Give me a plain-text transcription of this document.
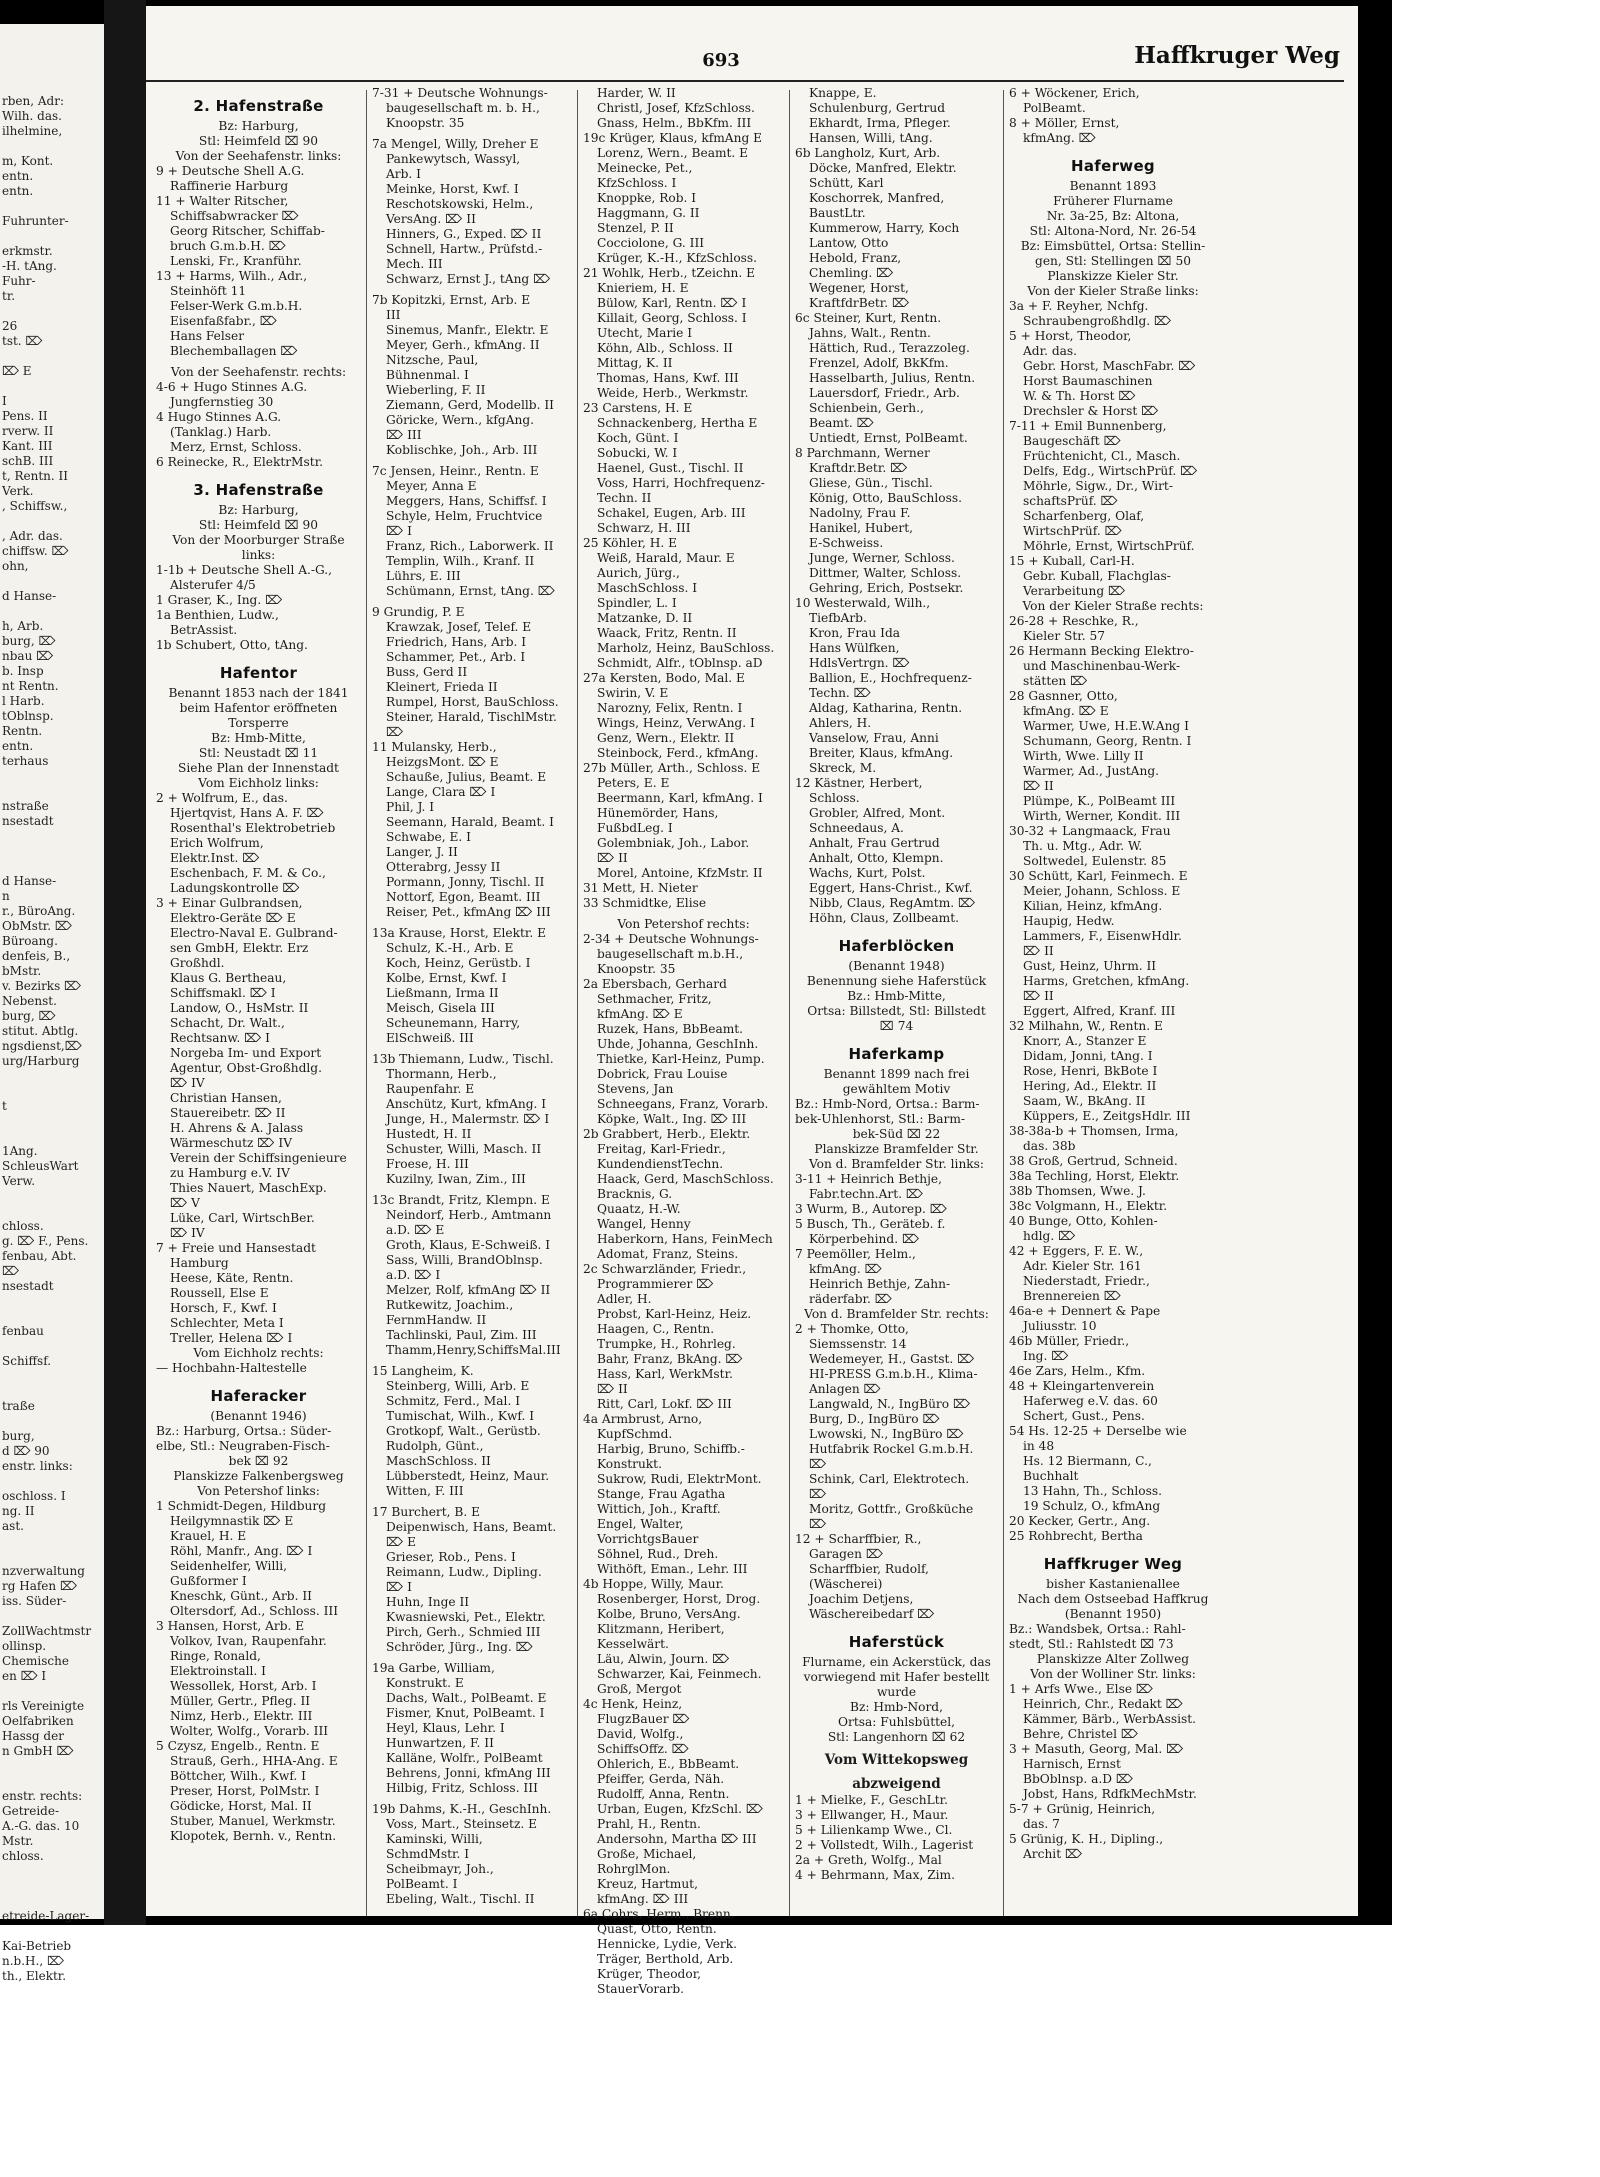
rben, Adr:
Wilh. das.
ilhelmine,

m, Kont.
entn.
entn.

Fuhrunter-

erkmstr.
-H. tAng.
Fuhr-
tr.

26
tst. ⌦

⌦ E

I
Pens. II
rverw. II
Kant. III
schB. III
t, Rentn. II
Verk.
, Schiffsw.,

, Adr. das.
chiffsw. ⌦
ohn,

d Hanse-

h, Arb.
burg, ⌦
nbau ⌦
b. Insp
nt Rentn.
l Harb.
tOblnsp.
Rentn.
entn.
terhaus

nstraße
nsestadt

d Hanse-
n
r., BüroAng.
ObMstr. ⌦
Büroang.
denfeis, B.,
bMstr.
v. Bezirks ⌦
Nebenst.
burg, ⌦
stitut. Abtlg.
ngsdienst,⌦
urg/Harburg

t

1Ang.
SchleusWart
Verw.

chloss.
g. ⌦ F., Pens.
fenbau, Abt.
⌦
nsestadt

fenbau

Schiffsf.

traße

burg,
d ⌦ 90
enstr. links:

oschloss. I
ng. II
ast.

nzverwaltung
rg Hafen ⌦
iss. Süder-

ZollWachtmstr
ollinsp.
Chemische
en ⌦ I

rls Vereinigte
Oelfabriken
Hassg der
n GmbH ⌦

enstr. rechts:
Getreide-
A.-G. das. 10
Mstr.
chloss.

etreide-Lager-

Kai-Betrieb
n.b.H., ⌦
th., Elektr.
693	Haffkruger Weg
2. Hafenstraße
Bz: Harburg,
Stl: Heimfeld ⌧ 90
Von der Seehafenstr. links:
9 + Deutsche Shell A.G.
Raffinerie Harburg
11 + Walter Ritscher,
Schiffsabwracker ⌦
Georg Ritscher, Schiffab-
bruch G.m.b.H. ⌦
Lenski, Fr., Kranführ.
13 + Harms, Wilh., Adr.,
Steinhöft 11
Felser-Werk G.m.b.H.
Eisenfaßfabr., ⌦
Hans Felser
Blechemballagen ⌦

Von der Seehafenstr. rechts:
4-6 + Hugo Stinnes A.G.
Jungfernstieg 30
4 Hugo Stinnes A.G.
(Tanklag.) Harb.
Merz, Ernst, Schloss.
6 Reinecke, R., ElektrMstr.
3. Hafenstraße
Bz: Harburg,
Stl: Heimfeld ⌧ 90
Von der Moorburger Straße
links:
1-1b + Deutsche Shell A.-G.,
Alsterufer 4/5
1 Graser, K., Ing. ⌦
1a Benthien, Ludw.,
BetrAssist.
1b Schubert, Otto, tAng.
Hafentor
Benannt 1853 nach der 1841
beim Hafentor eröffneten
Torsperre
Bz: Hmb-Mitte,
Stl: Neustadt ⌧ 11
Siehe Plan der Innenstadt
Vom Eichholz links:
2 + Wolfrum, E., das.
Hjertqvist, Hans A. F. ⌦
Rosenthal's Elektrobetrieb
Erich Wolfrum,
Elektr.Inst. ⌦
Eschenbach, F. M. & Co.,
Ladungskontrolle ⌦
3 + Einar Gulbrandsen,
Elektro-Geräte ⌦ E
Electro-Naval E. Gulbrand-
sen GmbH, Elektr. Erz
Großhdl.
Klaus G. Bertheau,
Schiffsmakl. ⌦ I
Landow, O., HsMstr. II
Schacht, Dr. Walt.,
Rechtsanw. ⌦ I
Norgeba Im- und Export
Agentur, Obst-Großhdlg.
⌦ IV
Christian Hansen,
Stauereibetr. ⌦ II
H. Ahrens & A. Jalass
Wärmeschutz ⌦ IV
Verein der Schiffsingenieure
zu Hamburg e.V. IV
Thies Nauert, MaschExp.
⌦ V
Lüke, Carl, WirtschBer.
⌦ IV
7 + Freie und Hansestadt
Hamburg
Heese, Käte, Rentn.
Roussell, Else E
Horsch, F., Kwf. I
Schlechter, Meta I
Treller, Helena ⌦ I
Vom Eichholz rechts:
— Hochbahn-Haltestelle
Haferacker
(Benannt 1946)
Bz.: Harburg, Ortsa.: Süder-
elbe, Stl.: Neugraben-Fisch-
bek ⌧ 92
Planskizze Falkenbergsweg
Von Petershof links:
1 Schmidt-Degen, Hildburg
Heilgymnastik ⌦ E
Krauel, H. E
Röhl, Manfr., Ang. ⌦ I
Seidenhelfer, Willi,
Gußformer I
Kneschk, Günt., Arb. II
Oltersdorf, Ad., Schloss. III
3 Hansen, Horst, Arb. E
Volkov, Ivan, Raupenfahr.
Ringe, Ronald,
Elektroinstall. I
Wessollek, Horst, Arb. I
Müller, Gertr., Pfleg. II
Nimz, Herb., Elektr. III
Wolter, Wolfg., Vorarb. III
5 Czysz, Engelb., Rentn. E
Strauß, Gerh., HHA-Ang. E
Böttcher, Wilh., Kwf. I
Preser, Horst, PolMstr. I
Gödicke, Horst, Mal. II
Stuber, Manuel, Werkmstr.
Klopotek, Bernh. v., Rentn.
7-31 + Deutsche Wohnungs-
baugesellschaft m. b. H.,
Knoopstr. 35

7a Mengel, Willy, Dreher E
Pankewytsch, Wassyl,
Arb. I
Meinke, Horst, Kwf. I
Reschotskowski, Helm.,
VersAng. ⌦ II
Hinners, G., Exped. ⌦ II
Schnell, Hartw., Prüfstd.-
Mech. III
Schwarz, Ernst J., tAng ⌦

7b Kopitzki, Ernst, Arb. E
III
Sinemus, Manfr., Elektr. E
Meyer, Gerh., kfmAng. II
Nitzsche, Paul,
Bühnenmal. I
Wieberling, F. II
Ziemann, Gerd, Modellb. II
Göricke, Wern., kfgAng.
⌦ III
Koblischke, Joh., Arb. III

7c Jensen, Heinr., Rentn. E
Meyer, Anna E
Meggers, Hans, Schiffsf. I
Schyle, Helm, Fruchtvice
⌦ I
Franz, Rich., Laborwerk. II
Templin, Wilh., Kranf. II
Lührs, E. III
Schümann, Ernst, tAng. ⌦

9 Grundig, P. E
Krawzak, Josef, Telef. E
Friedrich, Hans, Arb. I
Schammer, Pet., Arb. I
Buss, Gerd II
Kleinert, Frieda II
Rumpel, Horst, BauSchloss.
Steiner, Harald, TischlMstr.
⌦
11 Mulansky, Herb.,
HeizgsMont. ⌦ E
Schauße, Julius, Beamt. E
Lange, Clara ⌦ I
Phil, J. I
Seemann, Harald, Beamt. I
Schwabe, E. I
Langer, J. II
Otterabrg, Jessy II
Pormann, Jonny, Tischl. II
Nottorf, Egon, Beamt. III
Reiser, Pet., kfmAng ⌦ III

13a Krause, Horst, Elektr. E
Schulz, K.-H., Arb. E
Koch, Heinz, Gerüstb. I
Kolbe, Ernst, Kwf. I
Ließmann, Irma II
Meisch, Gisela III
Scheunemann, Harry,
ElSchweiß. III

13b Thiemann, Ludw., Tischl.
Thormann, Herb.,
Raupenfahr. E
Anschütz, Kurt, kfmAng. I
Junge, H., Malermstr. ⌦ I
Hustedt, H. II
Schuster, Willi, Masch. II
Froese, H. III
Kuzilny, Iwan, Zim., III

13c Brandt, Fritz, Klempn. E
Neindorf, Herb., Amtmann
a.D. ⌦ E
Groth, Klaus, E-Schweiß. I
Sass, Willi, BrandOblnsp.
a.D. ⌦ I
Melzer, Rolf, kfmAng ⌦ II
Rutkewitz, Joachim.,
FernmHandw. II
Tachlinski, Paul, Zim. III
Thamm,Henry,SchiffsMal.III

15 Langheim, K.
Steinberg, Willi, Arb. E
Schmitz, Ferd., Mal. I
Tumischat, Wilh., Kwf. I
Grotkopf, Walt., Gerüstb.
Rudolph, Günt.,
MaschSchloss. II
Lübberstedt, Heinz, Maur.
Witten, F. III

17 Burchert, B. E
Deipenwisch, Hans, Beamt.
⌦ E
Grieser, Rob., Pens. I
Reimann, Ludw., Dipling.
⌦ I
Huhn, Inge II
Kwasniewski, Pet., Elektr.
Pirch, Gerh., Schmied III
Schröder, Jürg., Ing. ⌦

19a Garbe, William,
Konstrukt. E
Dachs, Walt., PolBeamt. E
Fismer, Knut, PolBeamt. I
Heyl, Klaus, Lehr. I
Hunwartzen, F. II
Kalläne, Wolfr., PolBeamt
Behrens, Jonni, kfmAng III
Hilbig, Fritz, Schloss. III

19b Dahms, K.-H., GeschInh.
Voss, Mart., Steinsetz. E
Kaminski, Willi,
SchmdMstr. I
Scheibmayr, Joh.,
PolBeamt. I
Ebeling, Walt., Tischl. II
Harder, W. II
Christl, Josef, KfzSchloss.
Gnass, Helm., BbKfm. III
19c Krüger, Klaus, kfmAng E
Lorenz, Wern., Beamt. E
Meinecke, Pet.,
KfzSchloss. I
Knoppke, Rob. I
Haggmann, G. II
Stenzel, P. II
Cocciolone, G. III
Krüger, K.-H., KfzSchloss.
21 Wohlk, Herb., tZeichn. E
Knieriem, H. E
Bülow, Karl, Rentn. ⌦ I
Killait, Georg, Schloss. I
Utecht, Marie I
Köhn, Alb., Schloss. II
Mittag, K. II
Thomas, Hans, Kwf. III
Weide, Herb., Werkmstr.
23 Carstens, H. E
Schnackenberg, Hertha E
Koch, Günt. I
Sobucki, W. I
Haenel, Gust., Tischl. II
Voss, Harri, Hochfrequenz-
Techn. II
Schakel, Eugen, Arb. III
Schwarz, H. III
25 Köhler, H. E
Weiß, Harald, Maur. E
Aurich, Jürg.,
MaschSchloss. I
Spindler, L. I
Matzanke, D. II
Waack, Fritz, Rentn. II
Marholz, Heinz, BauSchloss.
Schmidt, Alfr., tOblnsp. aD
27a Kersten, Bodo, Mal. E
Swirin, V. E
Narozny, Felix, Rentn. I
Wings, Heinz, VerwAng. I
Genz, Wern., Elektr. II
Steinbock, Ferd., kfmAng.
27b Müller, Arth., Schloss. E
Peters, E. E
Beermann, Karl, kfmAng. I
Hünemörder, Hans,
FußbdLeg. I
Golembniak, Joh., Labor.
⌦ II
Morel, Antoine, KfzMstr. II
31 Mett, H. Nieter
33 Schmidtke, Elise

Von Petershof rechts:
2-34 + Deutsche Wohnungs-
baugesellschaft m.b.H.,
Knoopstr. 35
2a Ebersbach, Gerhard
Sethmacher, Fritz,
kfmAng. ⌦ E
Ruzek, Hans, BbBeamt.
Uhde, Johanna, GeschInh.
Thietke, Karl-Heinz, Pump.
Dobrick, Frau Louise
Stevens, Jan
Schneegans, Franz, Vorarb.
Köpke, Walt., Ing. ⌦ III
2b Grabbert, Herb., Elektr.
Freitag, Karl-Friedr.,
KundendienstTechn.
Haack, Gerd, MaschSchloss.
Bracknis, G.
Quaatz, H.-W.
Wangel, Henny
Haberkorn, Hans, FeinMech
Adomat, Franz, Steins.
2c Schwarzländer, Friedr.,
Programmierer ⌦
Adler, H.
Probst, Karl-Heinz, Heiz.
Haagen, C., Rentn.
Trumpke, H., Rohrleg.
Bahr, Franz, BkAng. ⌦
Hass, Karl, WerkMstr.
⌦ II
Ritt, Carl, Lokf. ⌦ III
4a Armbrust, Arno,
KupfSchmd.
Harbig, Bruno, Schiffb.-
Konstrukt.
Sukrow, Rudi, ElektrMont.
Stange, Frau Agatha
Wittich, Joh., Kraftf.
Engel, Walter,
VorrichtgsBauer
Söhnel, Rud., Dreh.
Withöft, Eman., Lehr. III
4b Hoppe, Willy, Maur.
Rosenberger, Horst, Drog.
Kolbe, Bruno, VersAng.
Klitzmann, Heribert,
Kesselwärt.
Läu, Alwin, Journ. ⌦
Schwarzer, Kai, Feinmech.
Groß, Mergot
4c Henk, Heinz,
FlugzBauer ⌦
David, Wolfg.,
SchiffsOffz. ⌦
Ohlerich, E., BbBeamt.
Pfeiffer, Gerda, Näh.
Rudolff, Anna, Rentn.
Urban, Eugen, KfzSchl. ⌦
Prahl, H., Rentn.
Andersohn, Martha ⌦ III
Große, Michael,
RohrglMon.
Kreuz, Hartmut,
kfmAng. ⌦ III
6a Cohrs, Herm., Brenn.
Quast, Otto, Rentn.
Hennicke, Lydie, Verk.
Träger, Berthold, Arb.
Krüger, Theodor,
StauerVorarb.
Knappe, E.
Schulenburg, Gertrud
Ekhardt, Irma, Pfleger.
Hansen, Willi, tAng.
6b Langholz, Kurt, Arb.
Döcke, Manfred, Elektr.
Schütt, Karl
Koschorrek, Manfred,
BaustLtr.
Kummerow, Harry, Koch
Lantow, Otto
Hebold, Franz,
Chemling. ⌦
Wegener, Horst,
KraftfdrBetr. ⌦
6c Steiner, Kurt, Rentn.
Jahns, Walt., Rentn.
Hättich, Rud., Terazzoleg.
Frenzel, Adolf, BkKfm.
Hasselbarth, Julius, Rentn.
Lauersdorf, Friedr., Arb.
Schienbein, Gerh.,
Beamt. ⌦
Untiedt, Ernst, PolBeamt.
8 Parchmann, Werner
Kraftdr.Betr. ⌦
Gliese, Gün., Tischl.
König, Otto, BauSchloss.
Nadolny, Frau F.
Hanikel, Hubert,
E-Schweiss.
Junge, Werner, Schloss.
Dittmer, Walter, Schloss.
Gehring, Erich, Postsekr.
10 Westerwald, Wilh.,
TiefbArb.
Kron, Frau Ida
Hans Wülfken,
HdlsVertrgn. ⌦
Ballion, E., Hochfrequenz-
Techn. ⌦
Aldag, Katharina, Rentn.
Ahlers, H.
Vanselow, Frau, Anni
Breiter, Klaus, kfmAng.
Skreck, M.
12 Kästner, Herbert,
Schloss.
Grobler, Alfred, Mont.
Schneedaus, A.
Anhalt, Frau Gertrud
Anhalt, Otto, Klempn.
Wachs, Kurt, Polst.
Eggert, Hans-Christ., Kwf.
Nibb, Claus, RegAmtm. ⌦
Höhn, Claus, Zollbeamt.
Haferblöcken
(Benannt 1948)
Benennung siehe Haferstück
Bz.: Hmb-Mitte,
Ortsa: Billstedt, Stl: Billstedt
⌧ 74
Haferkamp
Benannt 1899 nach frei
gewähltem Motiv
Bz.: Hmb-Nord, Ortsa.: Barm-
bek-Uhlenhorst, Stl.: Barm-
bek-Süd ⌧ 22
Planskizze Bramfelder Str.
Von d. Bramfelder Str. links:
3-11 + Heinrich Bethje,
Fabr.techn.Art. ⌦
3 Wurm, B., Autorep. ⌦
5 Busch, Th., Geräteb. f.
Körperbehind. ⌦
7 Peemöller, Helm.,
kfmAng. ⌦
Heinrich Bethje, Zahn-
räderfabr. ⌦
Von d. Bramfelder Str. rechts:
2 + Thomke, Otto,
Siemssenstr. 14
Wedemeyer, H., Gastst. ⌦
HI-PRESS G.m.b.H., Klima-
Anlagen ⌦
Langwald, N., IngBüro ⌦
Burg, D., IngBüro ⌦
Lwowski, N., IngBüro ⌦
Hutfabrik Rockel G.m.b.H.
⌦
Schink, Carl, Elektrotech.
⌦
Moritz, Gottfr., Großküche
⌦
12 + Scharffbier, R.,
Garagen ⌦
Scharffbier, Rudolf,
(Wäscherei)
Joachim Detjens,
Wäschereibedarf ⌦
Haferstück
Flurname, ein Ackerstück, das
vorwiegend mit Hafer bestellt
wurde
Bz: Hmb-Nord,
Ortsa: Fuhlsbüttel,
Stl: Langenhorn ⌧ 62
Vom Wittekopsweg
abzweigend
1 + Mielke, F., GeschLtr.
3 + Ellwanger, H., Maur.
5 + Lilienkamp Wwe., Cl.
2 + Vollstedt, Wilh., Lagerist
2a + Greth, Wolfg., Mal
4 + Behrmann, Max, Zim.
6 + Wöckener, Erich,
PolBeamt.
8 + Möller, Ernst,
kfmAng. ⌦
Haferweg
Benannt 1893
Früherer Flurname
Nr. 3a-25, Bz: Altona,
Stl: Altona-Nord, Nr. 26-54
Bz: Eimsbüttel, Ortsa: Stellin-
gen, Stl: Stellingen ⌧ 50
Planskizze Kieler Str.
Von der Kieler Straße links:
3a + F. Reyher, Nchfg.
Schraubengroßhdlg. ⌦
5 + Horst, Theodor,
Adr. das.
Gebr. Horst, MaschFabr. ⌦
Horst Baumaschinen
W. & Th. Horst ⌦
Drechsler & Horst ⌦
7-11 + Emil Bunnenberg,
Baugeschäft ⌦
Früchtenicht, Cl., Masch.
Delfs, Edg., WirtschPrüf. ⌦
Möhrle, Sigw., Dr., Wirt-
schaftsPrüf. ⌦
Scharfenberg, Olaf,
WirtschPrüf. ⌦
Möhrle, Ernst, WirtschPrüf.
15 + Kuball, Carl-H.
Gebr. Kuball, Flachglas-
Verarbeitung ⌦
Von der Kieler Straße rechts:
26-28 + Reschke, R.,
Kieler Str. 57
26 Hermann Becking Elektro-
und Maschinenbau-Werk-
stätten ⌦
28 Gasnner, Otto,
kfmAng. ⌦ E
Warmer, Uwe, H.E.W.Ang I
Schumann, Georg, Rentn. I
Wirth, Wwe. Lilly II
Warmer, Ad., JustAng.
⌦ II
Plümpe, K., PolBeamt III
Wirth, Werner, Kondit. III
30-32 + Langmaack, Frau
Th. u. Mtg., Adr. W.
Soltwedel, Eulenstr. 85
30 Schütt, Karl, Feinmech. E
Meier, Johann, Schloss. E
Kilian, Heinz, kfmAng.
Haupig, Hedw.
Lammers, F., EisenwHdlr.
⌦ II
Gust, Heinz, Uhrm. II
Harms, Gretchen, kfmAng.
⌦ II
Eggert, Alfred, Kranf. III
32 Milhahn, W., Rentn. E
Knorr, A., Stanzer E
Didam, Jonni, tAng. I
Rose, Henri, BkBote I
Hering, Ad., Elektr. II
Saam, W., BkAng. II
Küppers, E., ZeitgsHdlr. III
38-38a-b + Thomsen, Irma,
das. 38b
38 Groß, Gertrud, Schneid.
38a Techling, Horst, Elektr.
38b Thomsen, Wwe. J.
38c Volgmann, H., Elektr.
40 Bunge, Otto, Kohlen-
hdlg. ⌦
42 + Eggers, F. E. W.,
Adr. Kieler Str. 161
Niederstadt, Friedr.,
Brennereien ⌦
46a-e + Dennert & Pape
Juliusstr. 10
46b Müller, Friedr.,
Ing. ⌦
46e Zars, Helm., Kfm.
48 + Kleingartenverein
Haferweg e.V. das. 60
Schert, Gust., Pens.
54 Hs. 12-25 + Derselbe wie
in 48
Hs. 12 Biermann, C.,
Buchhalt
13 Hahn, Th., Schloss.
19 Schulz, O., kfmAng
20 Kecker, Gertr., Ang.
25 Rohbrecht, Bertha
Haffkruger Weg
bisher Kastanienallee
Nach dem Ostseebad Haffkrug
(Benannt 1950)
Bz.: Wandsbek, Ortsa.: Rahl-
stedt, Stl.: Rahlstedt ⌧ 73
Planskizze Alter Zollweg
Von der Wolliner Str. links:
1 + Arfs Wwe., Else ⌦
Heinrich, Chr., Redakt ⌦
Kämmer, Bärb., WerbAssist.
Behre, Christel ⌦
3 + Masuth, Georg, Mal. ⌦
Harnisch, Ernst
BbOblnsp. a.D ⌦
Jobst, Hans, RdfkMechMstr.
5-7 + Grünig, Heinrich,
das. 7
5 Grünig, K. H., Dipling.,
Archit ⌦
